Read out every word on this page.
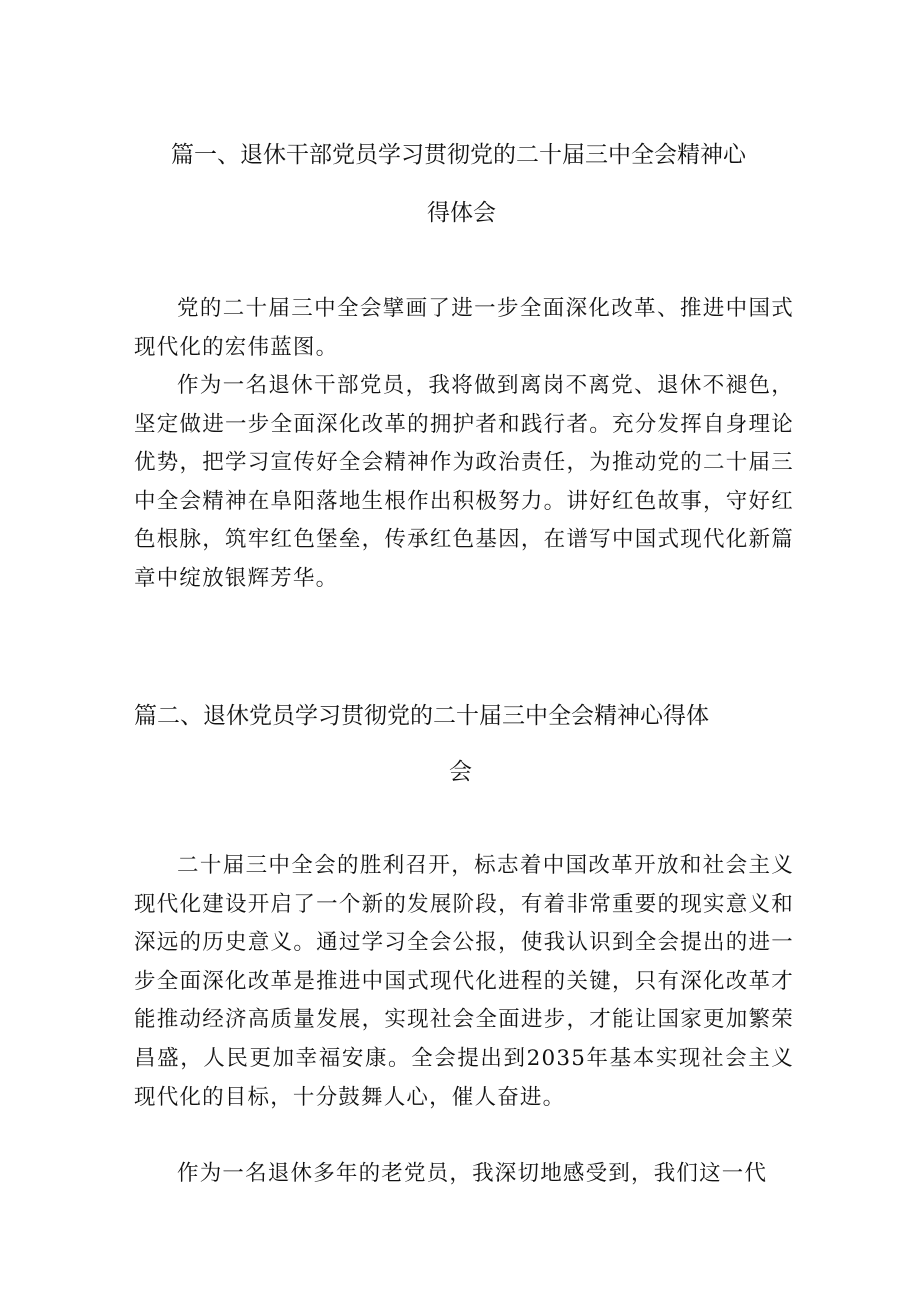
篇一、退休干部党员学习贯彻党的二十届三中全会精神心
得体会

党的二十届三中全会擘画了进一步全面深化改革、推进中国式现代化的宏伟蓝图。

作为一名退休干部党员，我将做到离岗不离党、退休不褪色，坚定做进一步全面深化改革的拥护者和践行者。充分发挥自身理论优势，把学习宣传好全会精神作为政治责任，为推动党的二十届三中全会精神在阜阳落地生根作出积极努力。讲好红色故事，守好红色根脉，筑牢红色堡垒，传承红色基因，在谱写中国式现代化新篇章中绽放银辉芳华。

篇二、退休党员学习贯彻党的二十届三中全会精神心得体
会

二十届三中全会的胜利召开，标志着中国改革开放和社会主义现代化建设开启了一个新的发展阶段，有着非常重要的现实意义和深远的历史意义。通过学习全会公报，使我认识到全会提出的进一步全面深化改革是推进中国式现代化进程的关键，只有深化改革才能推动经济高质量发展，实现社会全面进步，才能让国家更加繁荣昌盛，人民更加幸福安康。全会提出到2035年基本实现社会主义现代化的目标，十分鼓舞人心，催人奋进。

作为一名退休多年的老党员，我深切地感受到，我们这一代
